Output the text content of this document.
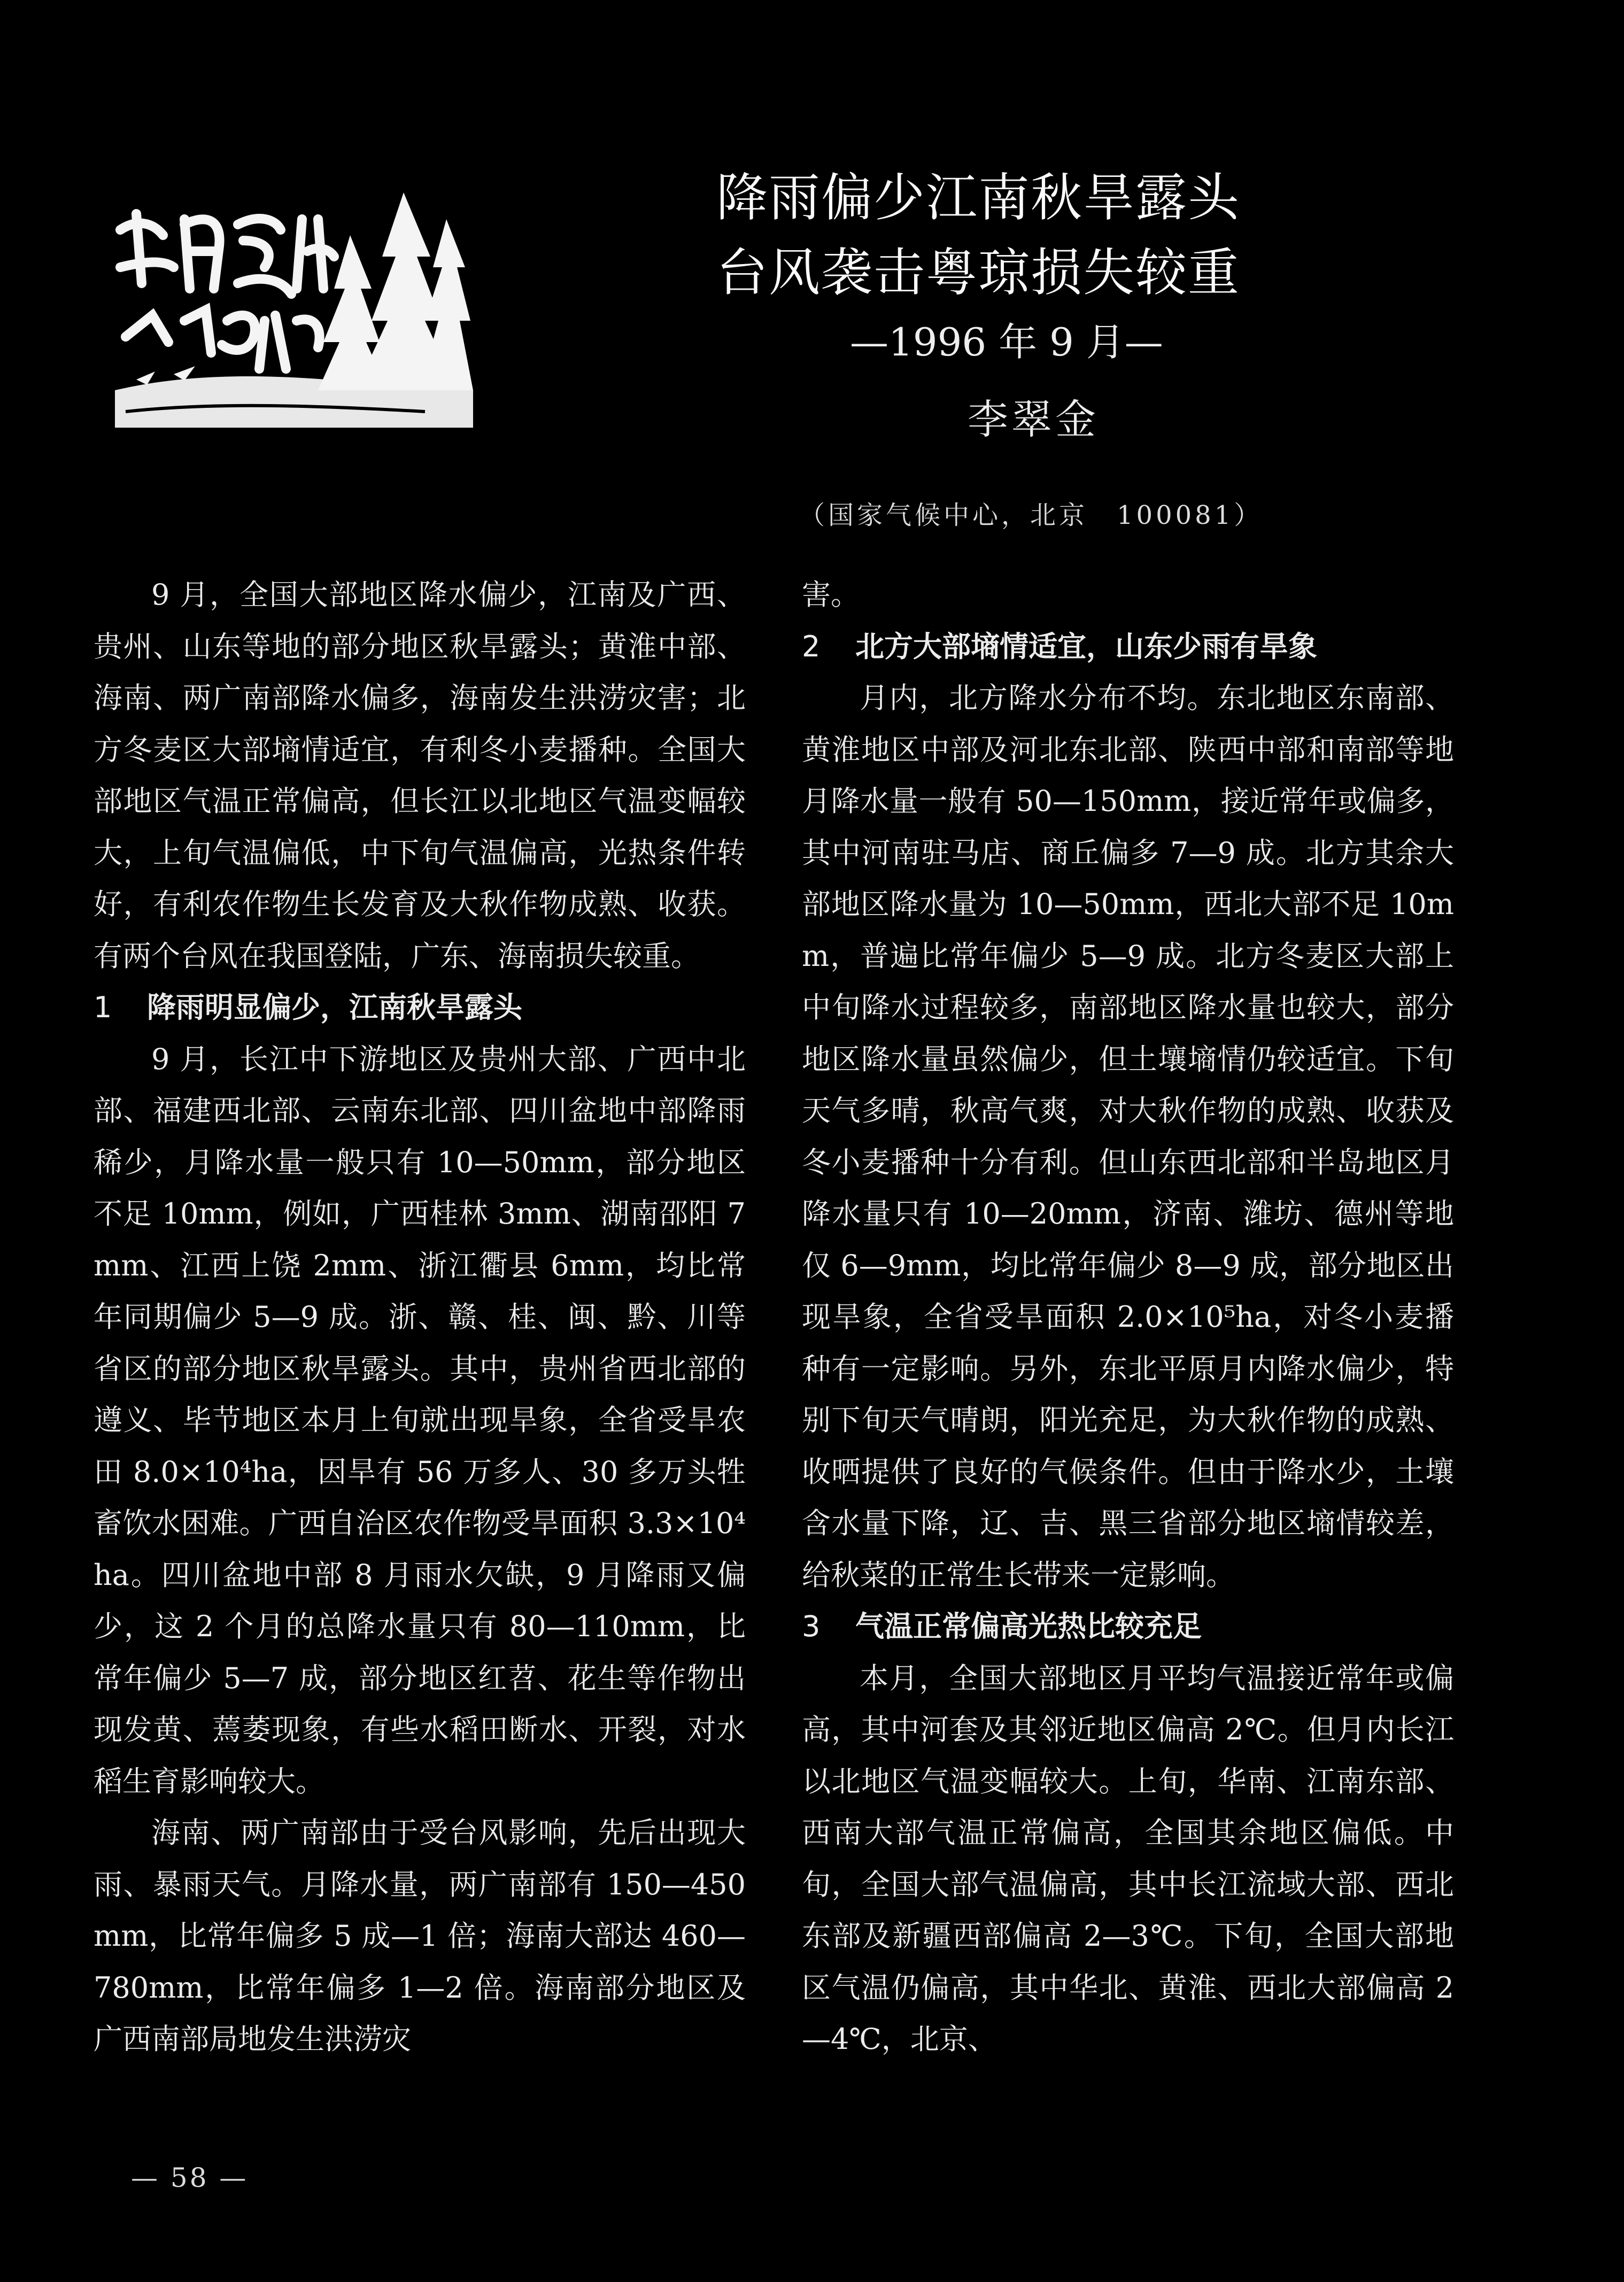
降雨偏少江南秋旱露头
台风袭击粤琼损失较重
—1996 年 9 月—
李翠金
（国家气候中心，北京　100081）

9 月，全国大部地区降水偏少，江南及广西、贵州、山东等地的部分地区秋旱露头；黄淮中部、海南、两广南部降水偏多，海南发生洪涝灾害；北方冬麦区大部墒情适宜，有利冬小麦播种。全国大部地区气温正常偏高，但长江以北地区气温变幅较大，上旬气温偏低，中下旬气温偏高，光热条件转好，有利农作物生长发育及大秋作物成熟、收获。有两个台风在我国登陆，广东、海南损失较重。

1 降雨明显偏少，江南秋旱露头

9 月，长江中下游地区及贵州大部、广西中北部、福建西北部、云南东北部、四川盆地中部降雨稀少，月降水量一般只有 10—50mm，部分地区不足 10mm，例如，广西桂林 3mm、湖南邵阳 7mm、江西上饶 2mm、浙江衢县 6mm，均比常年同期偏少 5—9 成。浙、赣、桂、闽、黔、川等省区的部分地区秋旱露头。其中，贵州省西北部的遵义、毕节地区本月上旬就出现旱象，全省受旱农田 8.0×10⁴ha，因旱有 56 万多人、30 多万头牲畜饮水困难。广西自治区农作物受旱面积 3.3×10⁴ha。四川盆地中部 8 月雨水欠缺，9 月降雨又偏少，这 2 个月的总降水量只有 80—110mm，比常年偏少 5—7 成，部分地区红苕、花生等作物出现发黄、蔫萎现象，有些水稻田断水、开裂，对水稻生育影响较大。

海南、两广南部由于受台风影响，先后出现大雨、暴雨天气。月降水量，两广南部有 150—450mm，比常年偏多 5 成—1 倍；海南大部达 460—780mm，比常年偏多 1—2 倍。海南部分地区及广西南部局地发生洪涝灾

害。

2 北方大部墒情适宜，山东少雨有旱象

月内，北方降水分布不均。东北地区东南部、黄淮地区中部及河北东北部、陕西中部和南部等地月降水量一般有 50—150mm，接近常年或偏多，其中河南驻马店、商丘偏多 7—9 成。北方其余大部地区降水量为 10—50mm，西北大部不足 10mm，普遍比常年偏少 5—9 成。北方冬麦区大部上中旬降水过程较多，南部地区降水量也较大，部分地区降水量虽然偏少，但土壤墒情仍较适宜。下旬天气多晴，秋高气爽，对大秋作物的成熟、收获及冬小麦播种十分有利。但山东西北部和半岛地区月降水量只有 10—20mm，济南、潍坊、德州等地仅 6—9mm，均比常年偏少 8—9 成，部分地区出现旱象，全省受旱面积 2.0×10⁵ha，对冬小麦播种有一定影响。另外，东北平原月内降水偏少，特别下旬天气晴朗，阳光充足，为大秋作物的成熟、收晒提供了良好的气候条件。但由于降水少，土壤含水量下降，辽、吉、黑三省部分地区墒情较差，给秋菜的正常生长带来一定影响。

3 气温正常偏高光热比较充足

本月，全国大部地区月平均气温接近常年或偏高，其中河套及其邻近地区偏高 2℃。但月内长江以北地区气温变幅较大。上旬，华南、江南东部、西南大部气温正常偏高，全国其余地区偏低。中旬，全国大部气温偏高，其中长江流域大部、西北东部及新疆西部偏高 2—3℃。下旬，全国大部地区气温仍偏高，其中华北、黄淮、西北大部偏高 2—4℃，北京、

— 58 —
